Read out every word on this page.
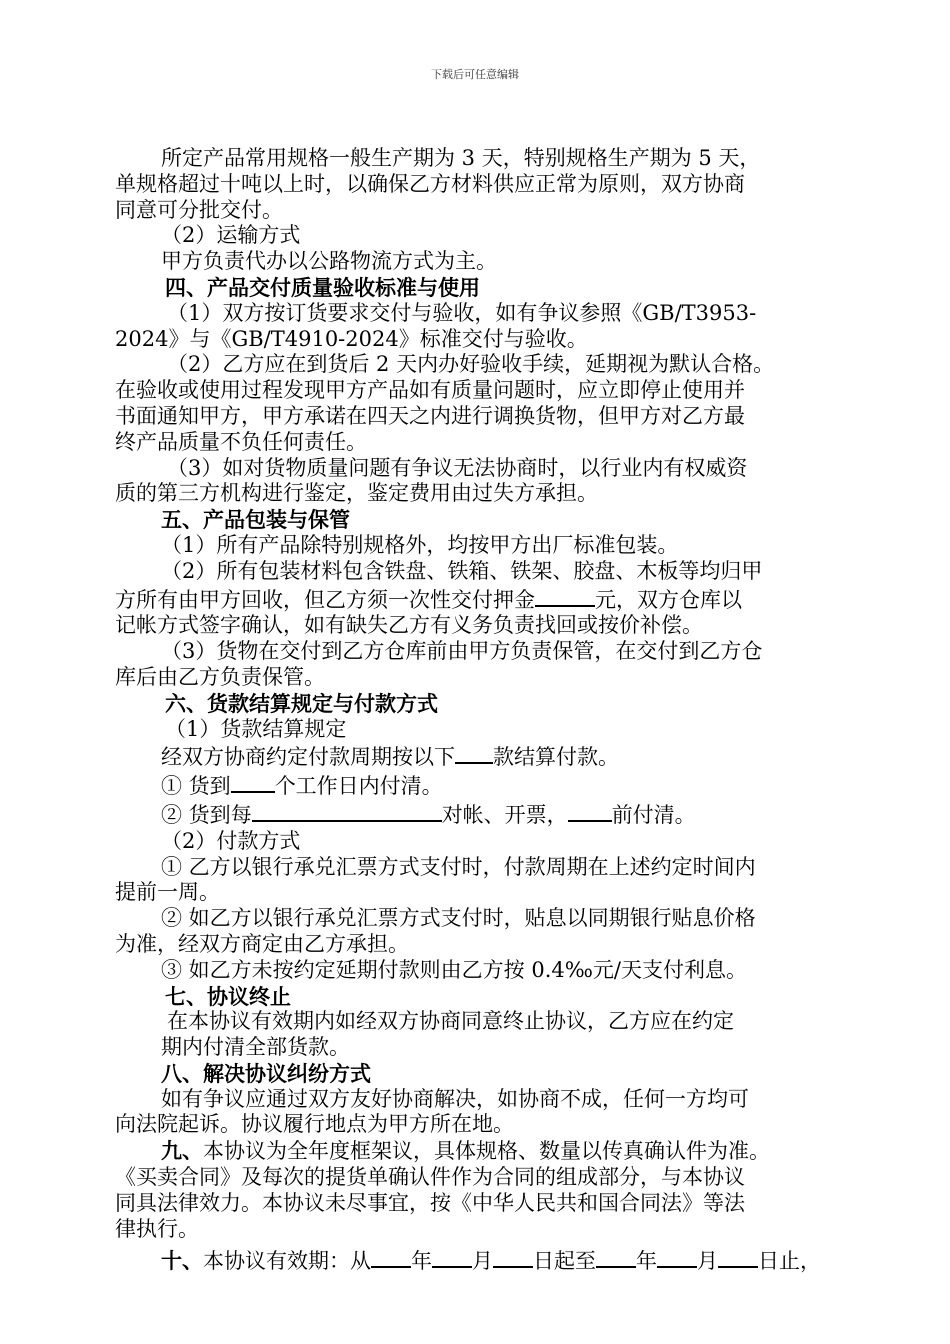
下载后可任意编辑

所定产品常用规格一般生产期为 3 天，特别规格生产期为 5 天，

单规格超过十吨以上时，以确保乙方材料供应正常为原则，双方协商

同意可分批交付。

（2）运输方式

甲方负责代办以公路物流方式为主。

四、产品交付质量验收标准与使用

（1）双方按订货要求交付与验收，如有争议参照《GB/T3953-

2024》与《GB/T4910-2024》标准交付与验收。

（2）乙方应在到货后 2 天内办好验收手续，延期视为默认合格。

在验收或使用过程发现甲方产品如有质量问题时，应立即停止使用并

书面通知甲方，甲方承诺在四天之内进行调换货物，但甲方对乙方最

终产品质量不负任何责任。

（3）如对货物质量问题有争议无法协商时，以行业内有权威资

质的第三方机构进行鉴定，鉴定费用由过失方承担。

五、产品包装与保管

（1）所有产品除特别规格外，均按甲方出厂标准包装。

（2）所有包装材料包含铁盘、铁箱、铁架、胶盘、木板等均归甲

方所有由甲方回收，但乙方须一次性交付押金	元，双方仓库以

记帐方式签字确认，如有缺失乙方有义务负责找回或按价补偿。

（3）货物在交付到乙方仓库前由甲方负责保管，在交付到乙方仓

库后由乙方负责保管。

六、货款结算规定与付款方式

（1）货款结算规定

经双方协商约定付款周期按以下 款结算付款。

① 货到 个工作日内付清。

② 货到每	对帐、开票， 前付清。

（2）付款方式

① 乙方以银行承兑汇票方式支付时，付款周期在上述约定时间内

提前一周。

② 如乙方以银行承兑汇票方式支付时，贴息以同期银行贴息价格

为准，经双方商定由乙方承担。

③ 如乙方未按约定延期付款则由乙方按 0.4‰元/天支付利息。

七、协议终止

在本协议有效期内如经双方协商同意终止协议，乙方应在约定

期内付清全部货款。

八、解决协议纠纷方式

如有争议应通过双方友好协商解决，如协商不成，任何一方均可

向法院起诉。协议履行地点为甲方所在地。

九、本协议为全年度框架议，具体规格、数量以传真确认件为准。

《买卖合同》及每次的提货单确认件作为合同的组成部分，与本协议

同具法律效力。本协议未尽事宜，按《中华人民共和国合同法》等法

律执行。

十、本协议有效期：从 年 月 日起至 年 月 日止，
